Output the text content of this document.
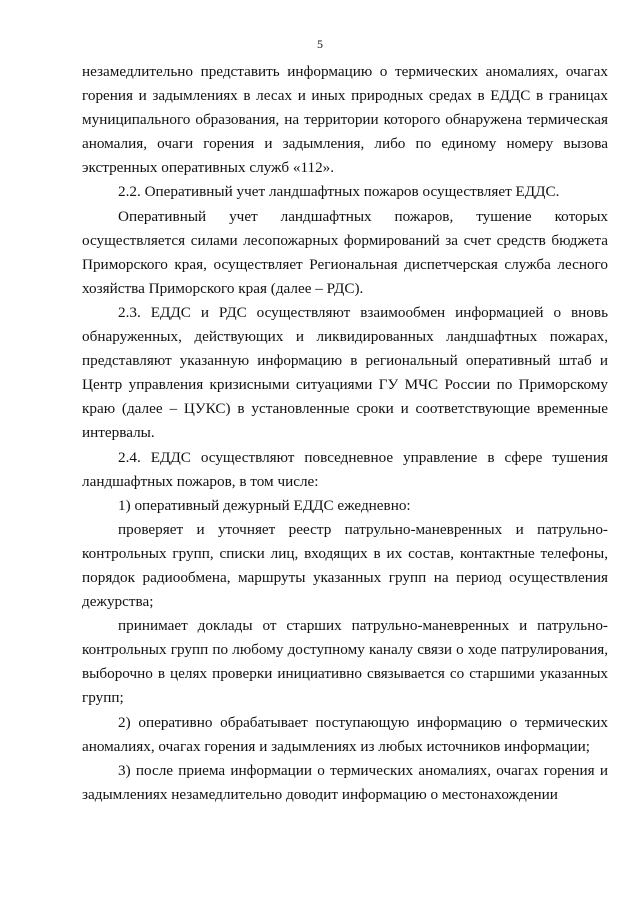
5

незамедлительно представить информацию о термических аномалиях, очагах горения и задымлениях в лесах и иных природных средах в ЕДДС в границах муниципального образования, на территории которого обнаружена термическая аномалия, очаги горения и задымления, либо по единому номеру вызова экстренных оперативных служб «112».

2.2. Оперативный учет ландшафтных пожаров осуществляет ЕДДС.

Оперативный учет ландшафтных пожаров, тушение которых осуществляется силами лесопожарных формирований за счет средств бюджета Приморского края, осуществляет Региональная диспетчерская служба лесного хозяйства Приморского края (далее – РДС).

2.3. ЕДДС и РДС осуществляют взаимообмен информацией о вновь обнаруженных, действующих и ликвидированных ландшафтных пожарах, представляют указанную информацию в региональный оперативный штаб и Центр управления кризисными ситуациями ГУ МЧС России по Приморскому краю (далее – ЦУКС) в установленные сроки и соответствующие временные интервалы.

2.4. ЕДДС осуществляют повседневное управление в сфере тушения ландшафтных пожаров, в том числе:

1) оперативный дежурный ЕДДС ежедневно:

проверяет и уточняет реестр патрульно-маневренных и патрульно-контрольных групп, списки лиц, входящих в их состав, контактные телефоны, порядок радиообмена, маршруты указанных групп на период осуществления дежурства;

принимает доклады от старших патрульно-маневренных и патрульно-контрольных групп по любому доступному каналу связи о ходе патрулирования, выборочно в целях проверки инициативно связывается со старшими указанных групп;

2) оперативно обрабатывает поступающую информацию о термических аномалиях, очагах горения и задымлениях из любых источников информации;

3) после приема информации о термических аномалиях, очагах горения и задымлениях незамедлительно доводит информацию о местонахождении
